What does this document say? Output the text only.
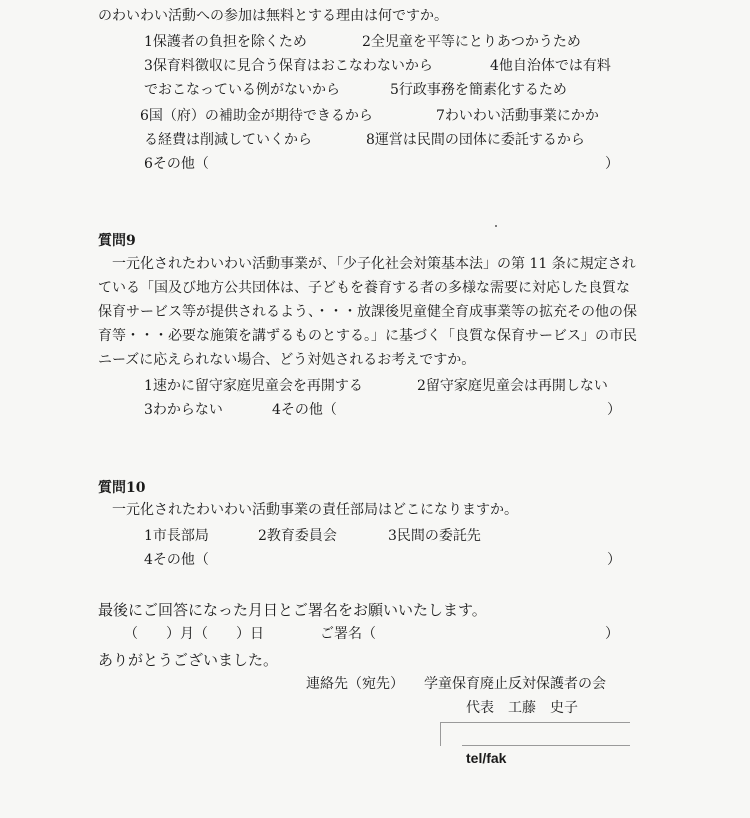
のわいわい活動への参加は無料とする理由は何ですか。
1保護者の負担を除くため	2全児童を平等にとりあつかうため
3保育料徴収に見合う保育はおこなわないから	4他自治体では有料
でおこなっている例がないから	5行政事務を簡素化するため
6国（府）の補助金が期待できるから	7わいわい活動事業にかか
る経費は削減していくから	8運営は民間の団体に委託するから
6その他（	）
質問9
一元化されたわいわい活動事業が、「少子化社会対策基本法」の第 11 条に規定され
ている「国及び地方公共団体は、子どもを養育する者の多様な需要に対応した良質な
保育サービス等が提供されるよう、・・・放課後児童健全育成事業等の拡充その他の保
育等・・・必要な施策を講ずるものとする。」に基づく「良質な保育サービス」の市民
ニーズに応えられない場合、どう対処されるお考えですか。
1速かに留守家庭児童会を再開する	2留守家庭児童会は再開しない
3わからない	4その他（	）
質問10
一元化されたわいわい活動事業の責任部局はどこになりますか。
1市長部局	2教育委員会	3民間の委託先
4その他（	）
最後にご回答になった月日とご署名をお願いいたします。
（　　）月（　　）日	ご署名（	）
ありがとうございました。
連絡先（宛先） 学童保育廃止反対保護者の会
代表　工藤　史子
tel/fak
